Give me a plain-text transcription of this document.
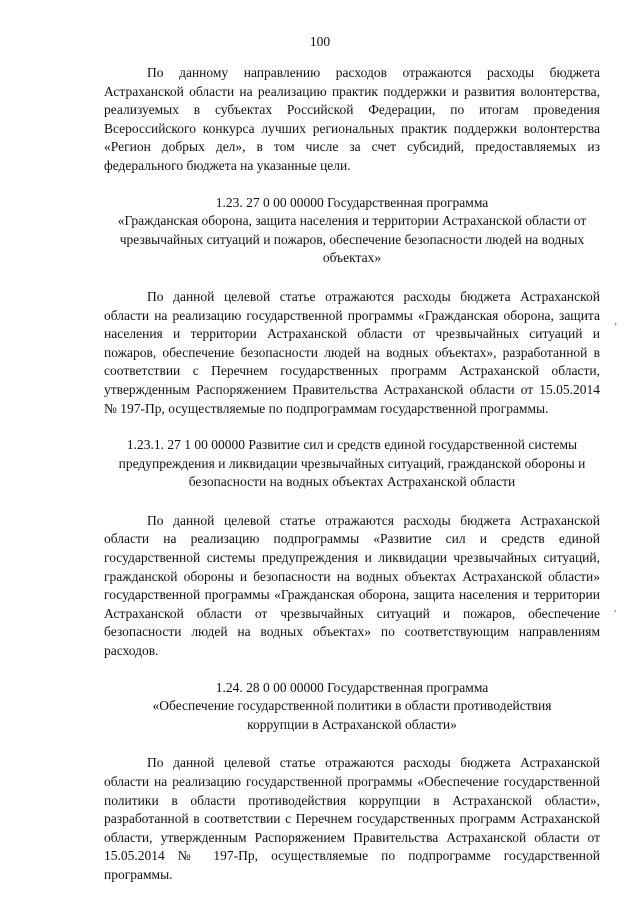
100

По данному направлению расходов отражаются расходы бюджета Астраханской области на реализацию практик поддержки и развития волонтерства, реализуемых в субъектах Российской Федерации, по итогам проведения Всероссийского конкурса лучших региональных практик поддержки волонтерства «Регион добрых дел», в том числе за счет субсидий, предоставляемых из федерального бюджета на указанные цели.

1.23. 27 0 00 00000 Государственная программа

«Гражданская оборона, защита населения и территории Астраханской области от чрезвычайных ситуаций и пожаров, обеспечение безопасности людей на водных объектах»

По данной целевой статье отражаются расходы бюджета Астраханской области на реализацию государственной программы «Гражданская оборона, защита населения и территории Астраханской области от чрезвычайных ситуаций и пожаров, обеспечение безопасности людей на водных объектах», разработанной в соответствии с Перечнем государственных программ Астраханской области, утвержденным Распоряжением Правительства Астраханской области от 15.05.2014 № 197-Пр, осуществляемые по подпрограммам государственной программы.

1.23.1. 27 1 00 00000 Развитие сил и средств единой государственной системы предупреждения и ликвидации чрезвычайных ситуаций, гражданской обороны и безопасности на водных объектах Астраханской области

По данной целевой статье отражаются расходы бюджета Астраханской области на реализацию подпрограммы «Развитие сил и средств единой государственной системы предупреждения и ликвидации чрезвычайных ситуаций, гражданской обороны и безопасности на водных объектах Астраханской области» государственной программы «Гражданская оборона, защита населения и территории Астраханской области от чрезвычайных ситуаций и пожаров, обеспечение безопасности людей на водных объектах» по соответствующим направлениям расходов.

1.24. 28 0 00 00000 Государственная программа

«Обеспечение государственной политики в области противодействия коррупции в Астраханской области»

По данной целевой статье отражаются расходы бюджета Астраханской области на реализацию государственной программы «Обеспечение государственной политики в области противодействия коррупции в Астраханской области», разработанной в соответствии с Перечнем государственных программ Астраханской области, утвержденным Распоряжением Правительства Астраханской области от 15.05.2014 № 197-Пр, осуществляемые по подпрограмме государственной программы.

’
,
